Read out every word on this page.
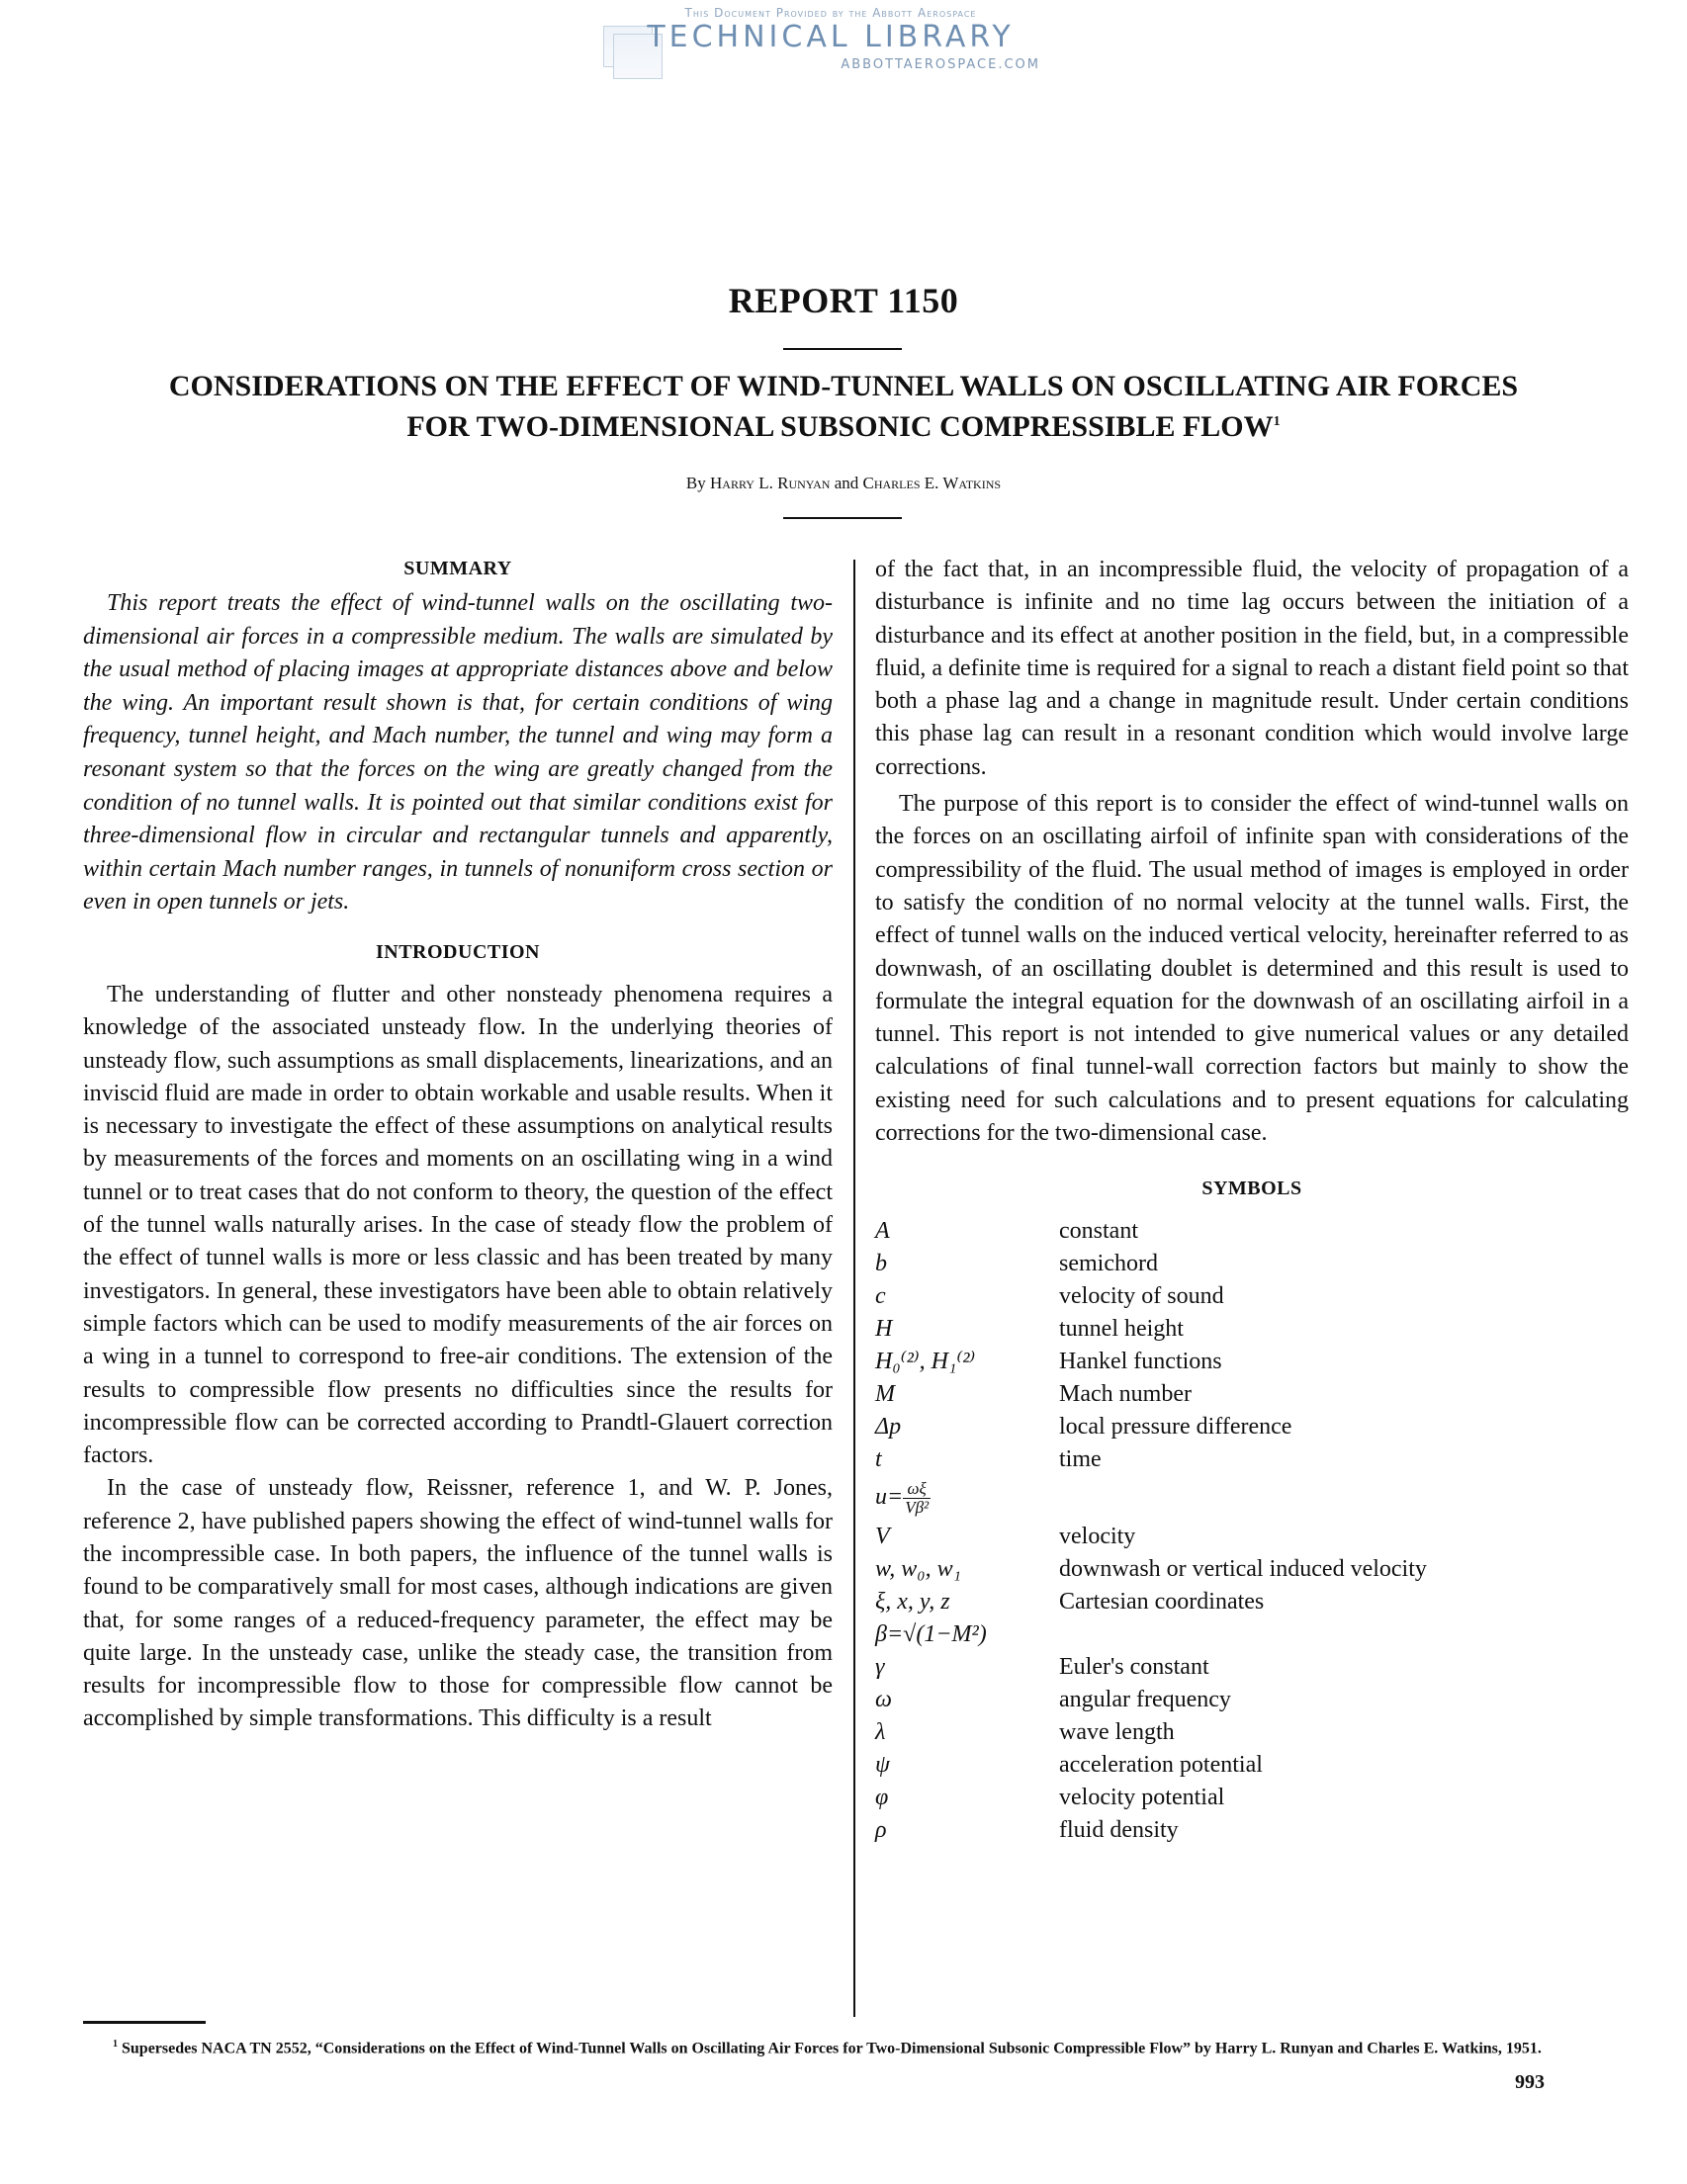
This Document Provided by the Abbott Aerospace
TECHNICAL LIBRARY
ABBOTTAEROSPACE.COM
REPORT 1150
CONSIDERATIONS ON THE EFFECT OF WIND-TUNNEL WALLS ON OSCILLATING AIR FORCES
FOR TWO-DIMENSIONAL SUBSONIC COMPRESSIBLE FLOW$^1$
By Harry L. Runyan and Charles E. Watkins
SUMMARY

This report treats the effect of wind-tunnel walls on the oscillating two-dimensional air forces in a compressible medium. The walls are simulated by the usual method of placing images at appropriate distances above and below the wing. An important result shown is that, for certain conditions of wing frequency, tunnel height, and Mach number, the tunnel and wing may form a resonant system so that the forces on the wing are greatly changed from the condition of no tunnel walls. It is pointed out that similar conditions exist for three-dimensional flow in circular and rectangular tunnels and apparently, within certain Mach number ranges, in tunnels of nonuniform cross section or even in open tunnels or jets.

INTRODUCTION

The understanding of flutter and other nonsteady phenomena requires a knowledge of the associated unsteady flow. In the underlying theories of unsteady flow, such assumptions as small displacements, linearizations, and an inviscid fluid are made in order to obtain workable and usable results. When it is necessary to investigate the effect of these assumptions on analytical results by measurements of the forces and moments on an oscillating wing in a wind tunnel or to treat cases that do not conform to theory, the question of the effect of the tunnel walls naturally arises. In the case of steady flow the problem of the effect of tunnel walls is more or less classic and has been treated by many investigators. In general, these investigators have been able to obtain relatively simple factors which can be used to modify measurements of the air forces on a wing in a tunnel to correspond to free-air conditions. The extension of the results to compressible flow presents no difficulties since the results for incompressible flow can be corrected according to Prandtl-Glauert correction factors.

In the case of unsteady flow, Reissner, reference 1, and W. P. Jones, reference 2, have published papers showing the effect of wind-tunnel walls for the incompressible case. In both papers, the influence of the tunnel walls is found to be comparatively small for most cases, although indications are given that, for some ranges of a reduced-frequency parameter, the effect may be quite large. In the unsteady case, unlike the steady case, the transition from results for incompressible flow to those for compressible flow cannot be accomplished by simple transformations. This difficulty is a result

of the fact that, in an incompressible fluid, the velocity of propagation of a disturbance is infinite and no time lag occurs between the initiation of a disturbance and its effect at another position in the field, but, in a compressible fluid, a definite time is required for a signal to reach a distant field point so that both a phase lag and a change in magnitude result. Under certain conditions this phase lag can result in a resonant condition which would involve large corrections.

The purpose of this report is to consider the effect of wind-tunnel walls on the forces on an oscillating airfoil of infinite span with considerations of the compressibility of the fluid. The usual method of images is employed in order to satisfy the condition of no normal velocity at the tunnel walls. First, the effect of tunnel walls on the induced vertical velocity, hereinafter referred to as downwash, of an oscillating doublet is determined and this result is used to formulate the integral equation for the downwash of an oscillating airfoil in a tunnel. This report is not intended to give numerical values or any detailed calculations of final tunnel-wall correction factors but mainly to show the existing need for such calculations and to present equations for calculating corrections for the two-dimensional case.

SYMBOLS
A	constant
b	semichord
c	velocity of sound
H	tunnel height
H₀⁽²⁾, H₁⁽²⁾	Hankel functions
M	Mach number
Δp	local pressure difference
t	time
$u= \frac{\omega\xi}{\text{Vβ²}}$

V	velocity
w, w₀, w₁	downwash or vertical induced velocity
ξ, x, y, z	Cartesian coordinates
β=√(1−M²)	
γ	Euler's constant
ω	angular frequency
λ	wave length
ψ	acceleration potential
φ	velocity potential
ρ	fluid density
$^1$ Supersedes NACA TN 2552, “Considerations on the Effect of Wind-Tunnel Walls on Oscillating Air Forces for Two-Dimensional Subsonic Compressible Flow” by Harry L. Runyan and Charles E. Watkins, 1951.
993
